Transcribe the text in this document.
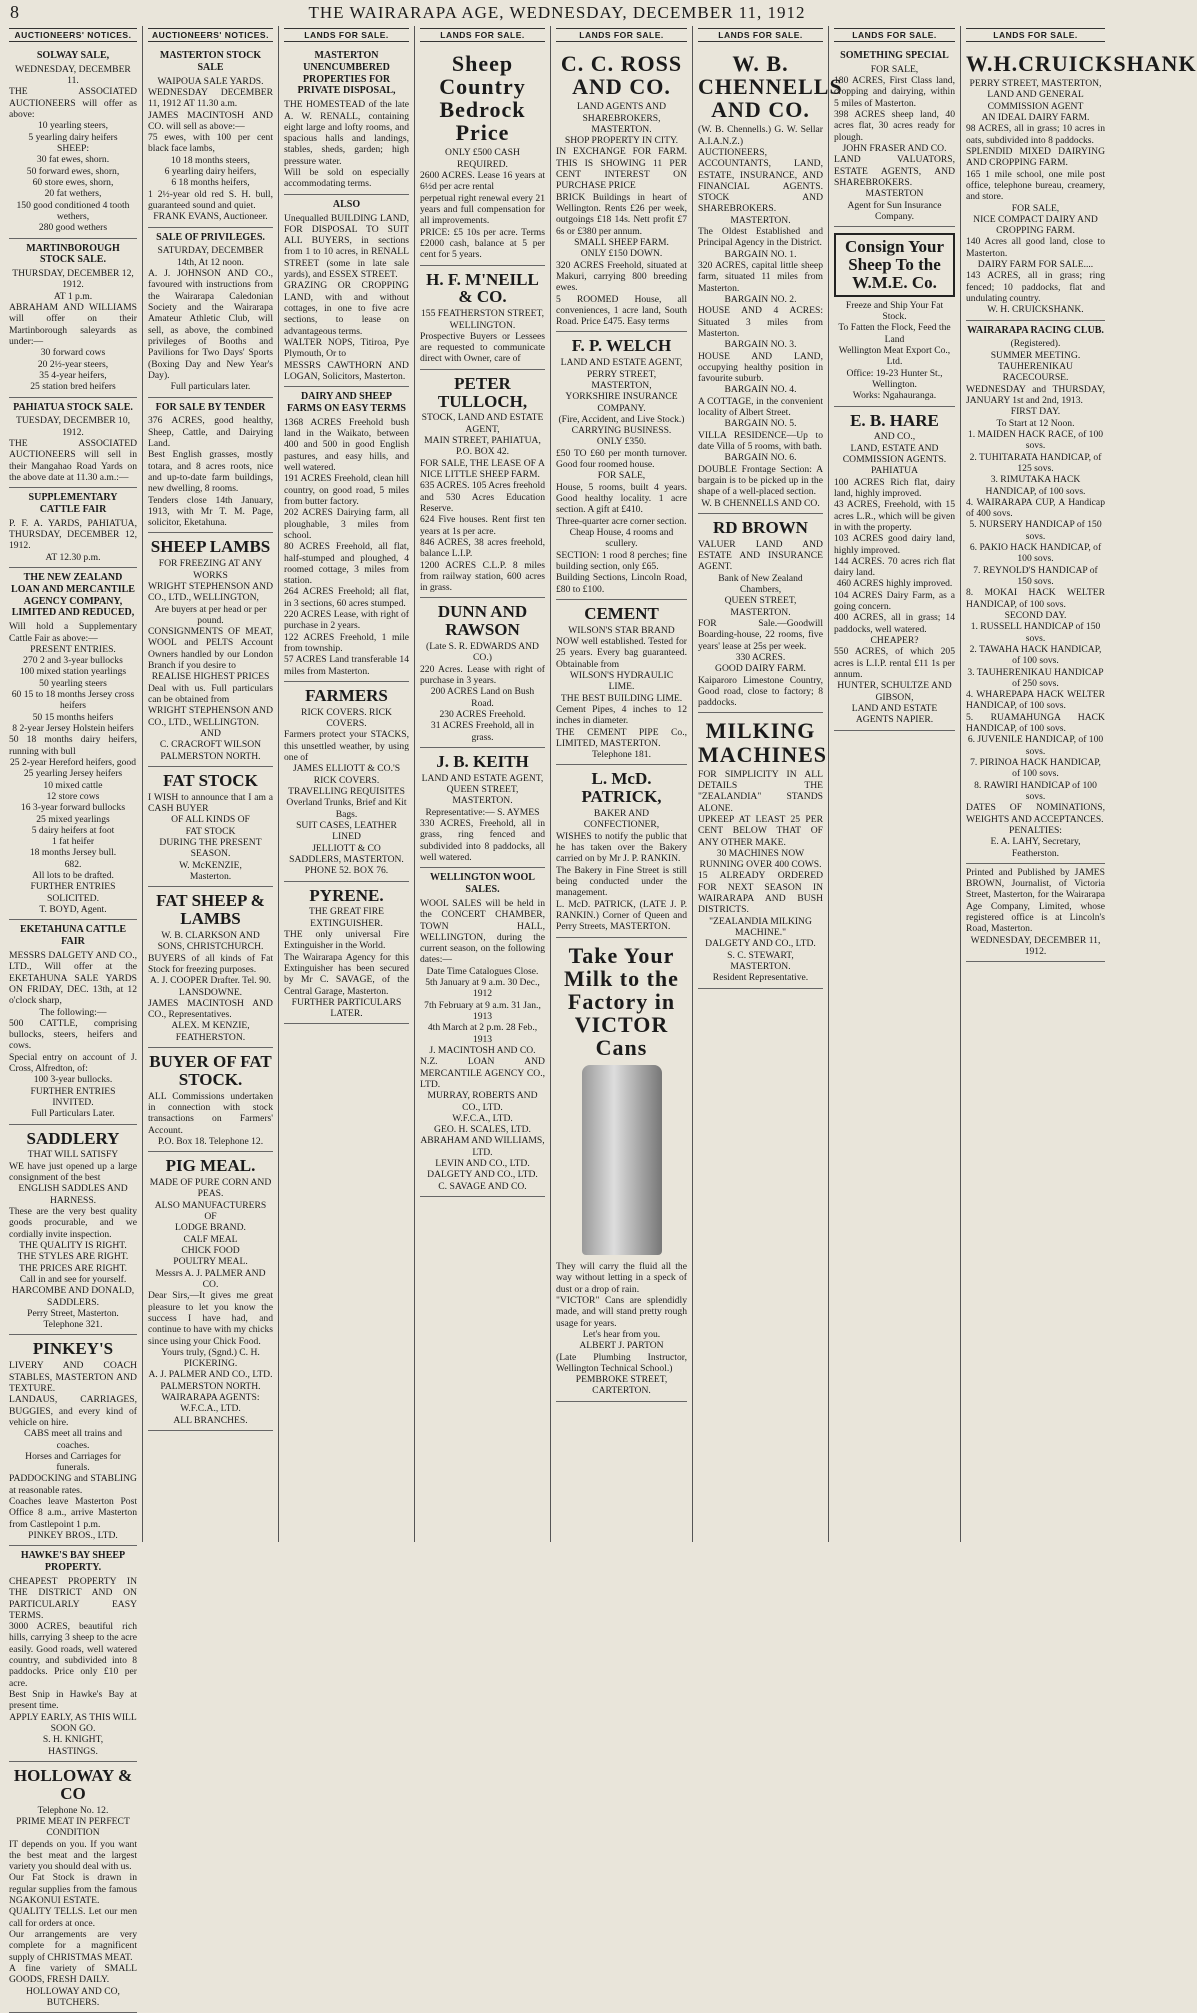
8	THE WAIRARAPA AGE, WEDNESDAY, DECEMBER 11, 1912
AUCTIONEERS' NOTICES.
SOLWAY SALE,
WEDNESDAY, DECEMBER 11.
THE ASSOCIATED AUCTIONEERS will offer as above:
10 yearling steers,
5 yearling dairy heifers
SHEEP:
30 fat ewes, shorn.
50 forward ewes, shorn,
60 store ewes, shorn,
20 fat wethers,
150 good conditioned 4 tooth wethers,
280 good wethers
MARTINBOROUGH STOCK SALE.
THURSDAY, DECEMBER 12, 1912.
AT 1 p.m.
ABRAHAM AND WILLIAMS will offer on their Martinborough saleyards as under:—
30 forward cows
20 2½-year steers,
35 4-year heifers,
25 station bred heifers
PAHIATUA STOCK SALE.
TUESDAY, DECEMBER 10, 1912.
THE ASSOCIATED AUCTIONEERS will sell in their Mangahao Road Yards on the above date at 11.30 a.m.:—
SUPPLEMENTARY CATTLE FAIR
P. F. A. YARDS, PAHIATUA, THURSDAY, DECEMBER 12, 1912.
AT 12.30 p.m.
THE NEW ZEALAND LOAN AND MERCANTILE AGENCY COMPANY, LIMITED AND REDUCED,
Will hold a Supplementary Cattle Fair as above:—
PRESENT ENTRIES.
270 2 and 3-year bullocks
100 mixed station yearlings
50 yearling steers
60 15 to 18 months Jersey cross heifers
50 15 months heifers
8 2-year Jersey Holstein heifers
50 18 months dairy heifers, running with bull
25 2-year Hereford heifers, good
25 yearling Jersey heifers
10 mixed cattle
12 store cows
16 3-year forward bullocks
25 mixed yearlings
5 dairy heifers at foot
1 fat heifer
18 months Jersey bull.
682.
All lots to be drafted.
FURTHER ENTRIES SOLICITED.
T. BOYD, Agent.
EKETAHUNA CATTLE FAIR
MESSRS DALGETY AND CO., LTD., Will offer at the EKETAHUNA SALE YARDS ON FRIDAY, DEC. 13th, at 12 o'clock sharp,
The following:—
500 CATTLE, comprising bullocks, steers, heifers and cows.
Special entry on account of J. Cross, Alfredton, of:
100 3-year bullocks.
FURTHER ENTRIES INVITED.
Full Particulars Later.
SADDLERY
THAT WILL SATISFY
WE have just opened up a large consignment of the best
ENGLISH SADDLES AND HARNESS.
These are the very best quality goods procurable, and we cordially invite inspection.
THE QUALITY IS RIGHT.
THE STYLES ARE RIGHT.
THE PRICES ARE RIGHT.
Call in and see for yourself.
HARCOMBE AND DONALD, SADDLERS.
Perry Street, Masterton.
Telephone 321.
PINKEY'S
LIVERY AND COACH STABLES, MASTERTON AND TEXTURE.
LANDAUS, CARRIAGES, BUGGIES, and every kind of vehicle on hire.
CABS meet all trains and coaches.
Horses and Carriages for funerals.
PADDOCKING and STABLING at reasonable rates.
Coaches leave Masterton Post Office 8 a.m., arrive Masterton from Castlepoint 1 p.m.
PINKEY BROS., LTD.
HAWKE'S BAY SHEEP PROPERTY.
CHEAPEST PROPERTY IN THE DISTRICT AND ON PARTICULARLY EASY TERMS.
3000 ACRES, beautiful rich hills, carrying 3 sheep to the acre easily. Good roads, well watered country, and subdivided into 8 paddocks. Price only £10 per acre.
Best Snip in Hawke's Bay at present time.
APPLY EARLY, AS THIS WILL SOON GO.
S. H. KNIGHT,
HASTINGS.
HOLLOWAY & CO
Telephone No. 12.
PRIME MEAT IN PERFECT CONDITION
IT depends on you. If you want the best meat and the largest variety you should deal with us.
Our Fat Stock is drawn in regular supplies from the famous NGAKONUI ESTATE.
QUALITY TELLS. Let our men call for orders at once.
Our arrangements are very complete for a magnificent supply of CHRISTMAS MEAT.
A fine variety of SMALL GOODS, FRESH DAILY.
HOLLOWAY AND CO, BUTCHERS.
AUCTIONEERS' NOTICES.
MASTERTON STOCK SALE
WAIPOUA SALE YARDS.
WEDNESDAY DECEMBER 11, 1912 AT 11.30 a.m.
JAMES MACINTOSH AND CO. will sell as above:—
75 ewes, with 100 per cent black face lambs,
10 18 months steers,
6 yearling dairy heifers,
6 18 months heifers,
1 2½-year old red S. H. bull, guaranteed sound and quiet.
FRANK EVANS, Auctioneer.
SALE OF PRIVILEGES.
SATURDAY, DECEMBER 14th, At 12 noon.
A. J. JOHNSON AND CO., favoured with instructions from the Wairarapa Caledonian Society and the Wairarapa Amateur Athletic Club, will sell, as above, the combined privileges of Booths and Pavilions for Two Days' Sports (Boxing Day and New Year's Day).
Full particulars later.
FOR SALE BY TENDER
376 ACRES, good healthy, Sheep, Cattle, and Dairying Land.
Best English grasses, mostly totara, and 8 acres roots, nice and up-to-date farm buildings, new dwelling, 8 rooms.
Tenders close 14th January, 1913, with Mr T. M. Page, solicitor, Eketahuna.
SHEEP LAMBS
FOR FREEZING AT ANY WORKS
WRIGHT STEPHENSON AND CO., LTD., WELLINGTON,
Are buyers at per head or per pound.
CONSIGNMENTS OF MEAT, WOOL and PELTS Account Owners handled by our London Branch if you desire to
REALISE HIGHEST PRICES
Deal with us. Full particulars can be obtained from
WRIGHT STEPHENSON AND CO., LTD., WELLINGTON.
AND
C. CRACROFT WILSON
PALMERSTON NORTH.
FAT STOCK
I WISH to announce that I am a CASH BUYER
OF ALL KINDS OF
FAT STOCK
DURING THE PRESENT
SEASON.
W. McKENZIE,
Masterton.
FAT SHEEP & LAMBS
W. B. CLARKSON AND SONS, CHRISTCHURCH.
BUYERS of all kinds of Fat Stock for freezing purposes.
A. J. COOPER Drafter. Tel. 90.
LANSDOWNE.
JAMES MACINTOSH AND CO., Representatives.
ALEX. M KENZIE, FEATHERSTON.
BUYER OF FAT STOCK.
ALL Commissions undertaken in connection with stock transactions on Farmers' Account.
P.O. Box 18. Telephone 12.
PIG MEAL.
MADE OF PURE CORN AND PEAS.
ALSO MANUFACTURERS OF
LODGE BRAND.
CALF MEAL
CHICK FOOD
POULTRY MEAL.
Messrs A. J. PALMER AND CO.
Dear Sirs,—It gives me great pleasure to let you know the success I have had, and continue to have with my chicks since using your Chick Food.
Yours truly, (Sgnd.) C. H. PICKERING.
A. J. PALMER AND CO., LTD.
PALMERSTON NORTH.
WAIRARAPA AGENTS: W.F.C.A., LTD.
ALL BRANCHES.
LANDS FOR SALE.
MASTERTON UNENCUMBERED PROPERTIES FOR PRIVATE DISPOSAL,
THE HOMESTEAD of the late A. W. RENALL, containing eight large and lofty rooms, and spacious halls and landings, stables, sheds, garden; high pressure water.
Will be sold on especially accommodating terms.
ALSO
Unequalled BUILDING LAND, FOR DISPOSAL TO SUIT ALL BUYERS, in sections from 1 to 10 acres, in RENALL STREET (some in late sale yards), and ESSEX STREET.
GRAZING OR CROPPING LAND, with and without cottages, in one to five acre sections, to lease on advantageous terms.
WALTER NOPS, Titiroa, Pye Plymouth, Or to
MESSRS CAWTHORN AND LOGAN, Solicitors, Masterton.
DAIRY AND SHEEP FARMS ON EASY TERMS
1368 ACRES Freehold bush land in the Waikato, between 400 and 500 in good English pastures, and easy hills, and well watered.
191 ACRES Freehold, clean hill country, on good road, 5 miles from butter factory.
202 ACRES Dairying farm, all ploughable, 3 miles from school.
80 ACRES Freehold, all flat, half-stumped and ploughed, 4 roomed cottage, 3 miles from station.
264 ACRES Freehold; all flat, in 3 sections, 60 acres stumped.
220 ACRES Lease, with right of purchase in 2 years.
122 ACRES Freehold, 1 mile from township.
57 ACRES Land transferable 14 miles from Masterton.
FARMERS
RICK COVERS. RICK COVERS.
Farmers protect your STACKS, this unsettled weather, by using one of
JAMES ELLIOTT & CO.'S
RICK COVERS.
TRAVELLING REQUISITES
Overland Trunks, Brief and Kit Bags.
SUIT CASES, LEATHER LINED
JELLIOTT & CO
SADDLERS, MASTERTON.
PHONE 52. BOX 76.
PYRENE.
THE GREAT FIRE EXTINGUISHER.
THE only universal Fire Extinguisher in the World.
The Wairarapa Agency for this Extinguisher has been secured by Mr C. SAVAGE, of the Central Garage, Masterton.
FURTHER PARTICULARS LATER.
LANDS FOR SALE.
Sheep Country Bedrock Price
ONLY £500 CASH REQUIRED.
2600 ACRES. Lease 16 years at 6½d per acre rental
perpetual right renewal every 21 years and full compensation for all improvements.
PRICE: £5 10s per acre. Terms £2000 cash, balance at 5 per cent for 5 years.
H. F. M'NEILL & CO.
155 FEATHERSTON STREET, WELLINGTON.
Prospective Buyers or Lessees are requested to communicate direct with Owner, care of
PETER TULLOCH,
STOCK, LAND AND ESTATE AGENT,
MAIN STREET, PAHIATUA, P.O. BOX 42.
FOR SALE, THE LEASE OF A NICE LITTLE SHEEP FARM.
635 ACRES. 105 Acres freehold and 530 Acres Education Reserve.
624 Five houses. Rent first ten years at 1s per acre.
846 ACRES, 38 acres freehold, balance L.I.P.
1200 ACRES C.L.P. 8 miles from railway station, 600 acres in grass.
DUNN AND RAWSON
(Late S. R. EDWARDS AND CO.)
220 Acres. Lease with right of purchase in 3 years.
200 ACRES Land on Bush Road.
230 ACRES Freehold.
31 ACRES Freehold, all in grass.
J. B. KEITH
LAND AND ESTATE AGENT,
QUEEN STREET, MASTERTON.
Representative:— S. AYMES
330 ACRES, Freehold, all in grass, ring fenced and subdivided into 8 paddocks, all well watered.
WELLINGTON WOOL SALES.
WOOL SALES will be held in the CONCERT CHAMBER, TOWN HALL, WELLINGTON, during the current season, on the following dates:—
Date Time Catalogues Close.
5th January at 9 a.m. 30 Dec., 1912
7th February at 9 a.m. 31 Jan., 1913
4th March at 2 p.m. 28 Feb., 1913
J. MACINTOSH AND CO.
N.Z. LOAN AND MERCANTILE AGENCY CO., LTD.
MURRAY, ROBERTS AND CO., LTD.
W.F.C.A., LTD.
GEO. H. SCALES, LTD.
ABRAHAM AND WILLIAMS, LTD.
LEVIN AND CO., LTD.
DALGETY AND CO., LTD.
C. SAVAGE AND CO.
LANDS FOR SALE.
C. C. ROSS AND CO.
LAND AGENTS AND SHAREBROKERS,
MASTERTON.
SHOP PROPERTY IN CITY.
IN EXCHANGE FOR FARM. THIS IS SHOWING 11 PER CENT INTEREST ON PURCHASE PRICE
BRICK Buildings in heart of Wellington. Rents £26 per week, outgoings £18 14s. Nett profit £7 6s or £380 per annum.
SMALL SHEEP FARM.
ONLY £150 DOWN.
320 ACRES Freehold, situated at Makuri, carrying 800 breeding ewes.
5 ROOMED House, all conveniences, 1 acre land, South Road. Price £475. Easy terms
F. P. WELCH
LAND AND ESTATE AGENT,
PERRY STREET, MASTERTON,
YORKSHIRE INSURANCE COMPANY.
(Fire, Accident, and Live Stock.)
CARRYING BUSINESS.
ONLY £350.
£50 TO £60 per month turnover. Good four roomed house.
FOR SALE,
House, 5 rooms, built 4 years. Good healthy locality. 1 acre section. A gift at £410.
Three-quarter acre corner section.
Cheap House, 4 rooms and scullery.
SECTION: 1 rood 8 perches; fine building section, only £65.
Building Sections, Lincoln Road, £80 to £100.
CEMENT
WILSON'S STAR BRAND
NOW well established. Tested for 25 years. Every bag guaranteed. Obtainable from
WILSON'S HYDRAULIC LIME.
THE BEST BUILDING LIME.
Cement Pipes, 4 inches to 12 inches in diameter.
THE CEMENT PIPE Co., LIMITED, MASTERTON.
Telephone 181.
L. McD. PATRICK,
BAKER AND CONFECTIONER,
WISHES to notify the public that he has taken over the Bakery carried on by Mr J. P. RANKIN.
The Bakery in Fine Street is still being conducted under the management.
L. McD. PATRICK, (LATE J. P. RANKIN.) Corner of Queen and Perry Streets, MASTERTON.
Take Your Milk to the Factory in VICTOR Cans
They will carry the fluid all the way without letting in a speck of dust or a drop of rain.
"VICTOR" Cans are splendidly made, and will stand pretty rough usage for years.
Let's hear from you.
ALBERT J. PARTON
(Late Plumbing Instructor, Wellington Technical School.)
PEMBROKE STREET, CARTERTON.
LANDS FOR SALE.
W. B. CHENNELLS AND CO.
(W. B. Chennells.) G. W. Sellar A.I.A.N.Z.)
AUCTIONEERS, ACCOUNTANTS, LAND, ESTATE, INSURANCE, AND FINANCIAL AGENTS. STOCK AND SHAREBROKERS.
MASTERTON.
The Oldest Established and Principal Agency in the District.
BARGAIN NO. 1.
320 ACRES, capital little sheep farm, situated 11 miles from Masterton.
BARGAIN NO. 2.
HOUSE AND 4 ACRES: Situated 3 miles from Masterton.
BARGAIN NO. 3.
HOUSE AND LAND, occupying healthy position in favourite suburb.
BARGAIN NO. 4.
A COTTAGE, in the convenient locality of Albert Street.
BARGAIN NO. 5.
VILLA RESIDENCE—Up to date Villa of 5 rooms, with bath.
BARGAIN NO. 6.
DOUBLE Frontage Section: A bargain is to be picked up in the shape of a well-placed section.
W. B CHENNELLS AND CO.
RD BROWN
VALUER LAND AND ESTATE AND INSURANCE AGENT.
Bank of New Zealand Chambers,
QUEEN STREET, MASTERTON.
FOR Sale.—Goodwill Boarding-house, 22 rooms, five years' lease at 25s per week.
330 ACRES.
GOOD DAIRY FARM.
Kaiparoro Limestone Country, Good road, close to factory; 8 paddocks.
MILKING MACHINES
FOR SIMPLICITY IN ALL DETAILS THE "ZEALANDIA" STANDS ALONE.
UPKEEP AT LEAST 25 PER CENT BELOW THAT OF ANY OTHER MAKE.
30 MACHINES NOW RUNNING OVER 400 COWS.
15 ALREADY ORDERED FOR NEXT SEASON IN WAIRARAPA AND BUSH DISTRICTS.
"ZEALANDIA MILKING MACHINE."
DALGETY AND CO., LTD.
S. C. STEWART, MASTERTON.
Resident Representative.
LANDS FOR SALE.
SOMETHING SPECIAL
FOR SALE,
180 ACRES, First Class land, cropping and dairying, within 5 miles of Masterton.
398 ACRES sheep land, 40 acres flat, 30 acres ready for plough.
JOHN FRASER AND CO.
LAND VALUATORS, ESTATE AGENTS, AND SHAREBROKERS.
MASTERTON
Agent for Sun Insurance Company.
Consign Your Sheep To the W.M.E. Co.
Freeze and Ship Your Fat Stock.
To Fatten the Flock, Feed the Land
Wellington Meat Export Co., Ltd.
Office: 19-23 Hunter St., Wellington.
Works: Ngahauranga.
E. B. HARE
AND CO.,
LAND, ESTATE AND COMMISSION AGENTS.
PAHIATUA
100 ACRES Rich flat, dairy land, highly improved.
43 ACRES, Freehold, with 15 acres L.R., which will be given in with the property.
103 ACRES good dairy land, highly improved.
144 ACRES. 70 acres rich flat dairy land.
460 ACRES highly improved.
104 ACRES Dairy Farm, as a going concern.
400 ACRES, all in grass; 14 paddocks, well watered.
CHEAPER?
550 ACRES, of which 205 acres is L.I.P. rental £11 1s per annum.
HUNTER, SCHULTZE AND GIBSON,
LAND AND ESTATE AGENTS NAPIER.
LANDS FOR SALE.
W.H.CRUICKSHANK
PERRY STREET, MASTERTON,
LAND AND GENERAL COMMISSION AGENT
AN IDEAL DAIRY FARM.
98 ACRES, all in grass; 10 acres in oats, subdivided into 8 paddocks.
SPLENDID MIXED DAIRYING AND CROPPING FARM.
165 1 mile school, one mile post office, telephone bureau, creamery, and store.
FOR SALE,
NICE COMPACT DAIRY AND CROPPING FARM.
140 Acres all good land, close to Masterton.
DAIRY FARM FOR SALE....
143 ACRES, all in grass; ring fenced; 10 paddocks, flat and undulating country.
W. H. CRUICKSHANK.
WAIRARAPA RACING CLUB.
(Registered).
SUMMER MEETING.
TAUHERENIKAU RACECOURSE.
WEDNESDAY and THURSDAY, JANUARY 1st and 2nd, 1913.
FIRST DAY.
To Start at 12 Noon.
1. MAIDEN HACK RACE, of 100 sovs.
2. TUHITARATA HANDICAP, of 125 sovs.
3. RIMUTAKA HACK HANDICAP, of 100 sovs.
4. WAIRARAPA CUP, A Handicap of 400 sovs.
5. NURSERY HANDICAP of 150 sovs.
6. PAKIO HACK HANDICAP, of 100 sovs.
7. REYNOLD'S HANDICAP of 150 sovs.
8. MOKAI HACK WELTER HANDICAP, of 100 sovs.
SECOND DAY.
1. RUSSELL HANDICAP of 150 sovs.
2. TAWAHA HACK HANDICAP, of 100 sovs.
3. TAUHERENIKAU HANDICAP of 250 sovs.
4. WHAREPAPA HACK WELTER HANDICAP, of 100 sovs.
5. RUAMAHUNGA HACK HANDICAP, of 100 sovs.
6. JUVENILE HANDICAP, of 100 sovs.
7. PIRINOA HACK HANDICAP, of 100 sovs.
8. RAWIRI HANDICAP of 100 sovs.
DATES OF NOMINATIONS, WEIGHTS AND ACCEPTANCES.
PENALTIES:
E. A. LAHY, Secretary, Featherston.
Printed and Published by JAMES BROWN, Journalist, of Victoria Street, Masterton, for the Wairarapa Age Company, Limited, whose registered office is at Lincoln's Road, Masterton.
WEDNESDAY, DECEMBER 11, 1912.
